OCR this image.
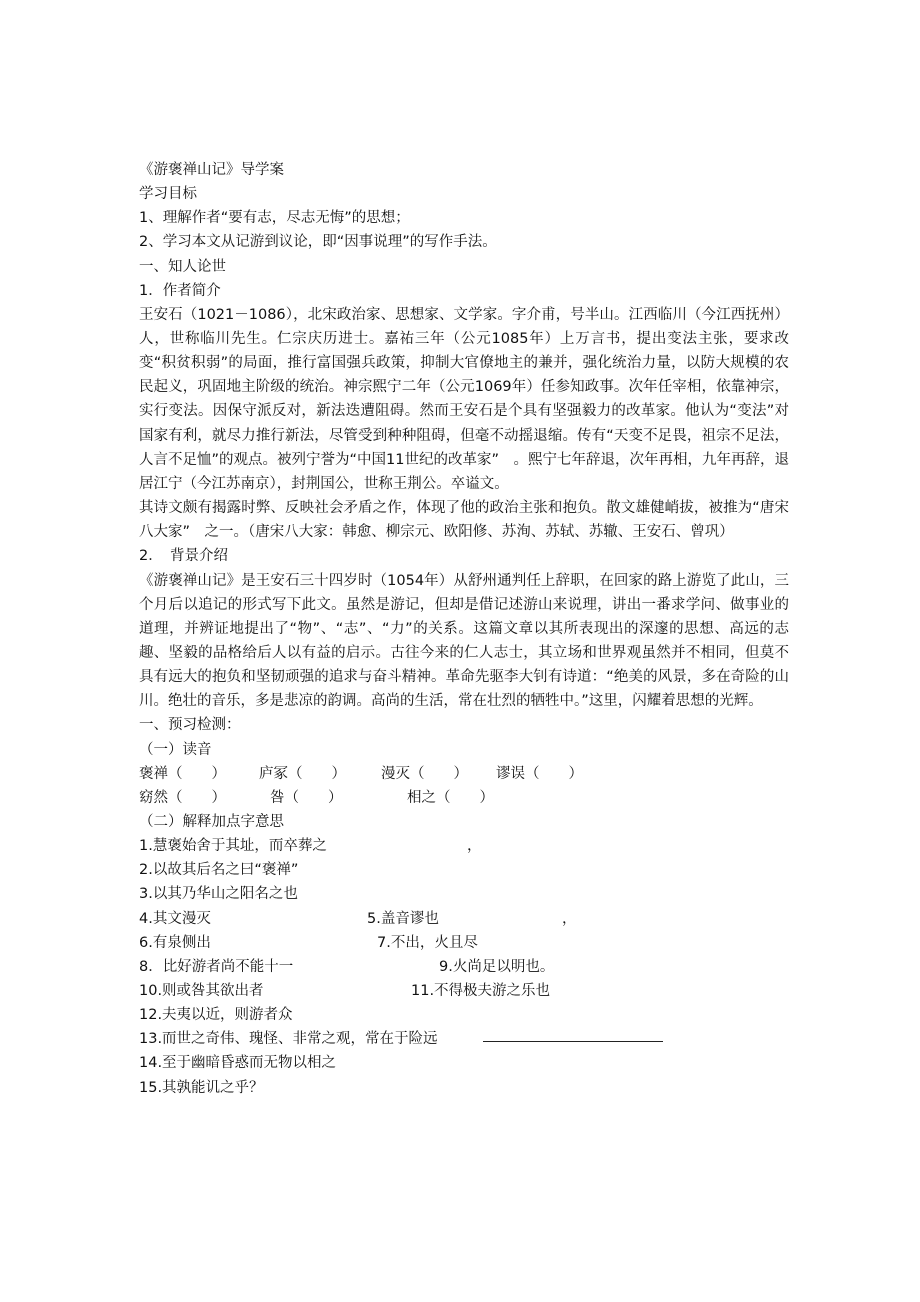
《游褒禅山记》导学案
学习目标
1、理解作者“要有志，尽志无悔”的思想；
2、学习本文从记游到议论，即“因事说理”的写作手法。
一、知人论世
1．作者简介
王安石（1021－1086），北宋政治家、思想家、文学家。字介甫，号半山。江西临川（今江西抚州）人，世称临川先生。仁宗庆历进士。嘉祐三年（公元1085年）上万言书，提出变法主张，要求改变“积贫积弱”的局面，推行富国强兵政策，抑制大官僚地主的兼并，强化统治力量，以防大规模的农民起义，巩固地主阶级的统治。神宗熙宁二年（公元1069年）任参知政事。次年任宰相，依靠神宗，实行变法。因保守派反对，新法迭遭阻碍。然而王安石是个具有坚强毅力的改革家。他认为“变法”对国家有利，就尽力推行新法，尽管受到种种阻碍，但毫不动摇退缩。传有“天变不足畏，祖宗不足法，人言不足恤”的观点。被列宁誉为“中国11世纪的改革家”　。熙宁七年辞退，次年再相，九年再辞，退居江宁（今江苏南京），封荆国公，世称王荆公。卒谥文。
其诗文颇有揭露时弊、反映社会矛盾之作，体现了他的政治主张和抱负。散文雄健峭拔，被推为“唐宋八大家”　之一。（唐宋八大家：韩愈、柳宗元、欧阳修、苏洵、苏轼、苏辙、王安石、曾巩）
2．　背景介绍
《游褒禅山记》是王安石三十四岁时（1054年）从舒州通判任上辞职，在回家的路上游览了此山，三个月后以追记的形式写下此文。虽然是游记，但却是借记述游山来说理，讲出一番求学问、做事业的道理，并辨证地提出了“物”、“志”、“力”的关系。这篇文章以其所表现出的深邃的思想、高远的志趣、坚毅的品格给后人以有益的启示。古往今来的仁人志士，其立场和世界观虽然并不相同，但莫不具有远大的抱负和坚韧顽强的追求与奋斗精神。革命先驱李大钊有诗道：“绝美的风景，多在奇险的山川。绝壮的音乐，多是悲凉的韵调。高尚的生活，常在壮烈的牺牲中。”这里，闪耀着思想的光辉。
一、预习检测：
（一）读音
褒禅（　　）	庐冢（　　）	漫灭（　　）	谬误（　　）
窈然（　　）	咎（　　）	相之（　　）
（二）解释加点字意思
1.慧褒始舍于其址，而卒葬之	，
2.以故其后名之曰“褒禅”
3.以其乃华山之阳名之也
4.其文漫灭	5.盖音谬也	，
6.有泉侧出	7.不出，火且尽
8．比好游者尚不能十一	9.火尚足以明也。
10.则或咎其欲出者	11.不得极夫游之乐也
12.夫夷以近，则游者众
13.而世之奇伟、瑰怪、非常之观，常在于险远
14.至于幽暗昏惑而无物以相之
15.其孰能讥之乎？
